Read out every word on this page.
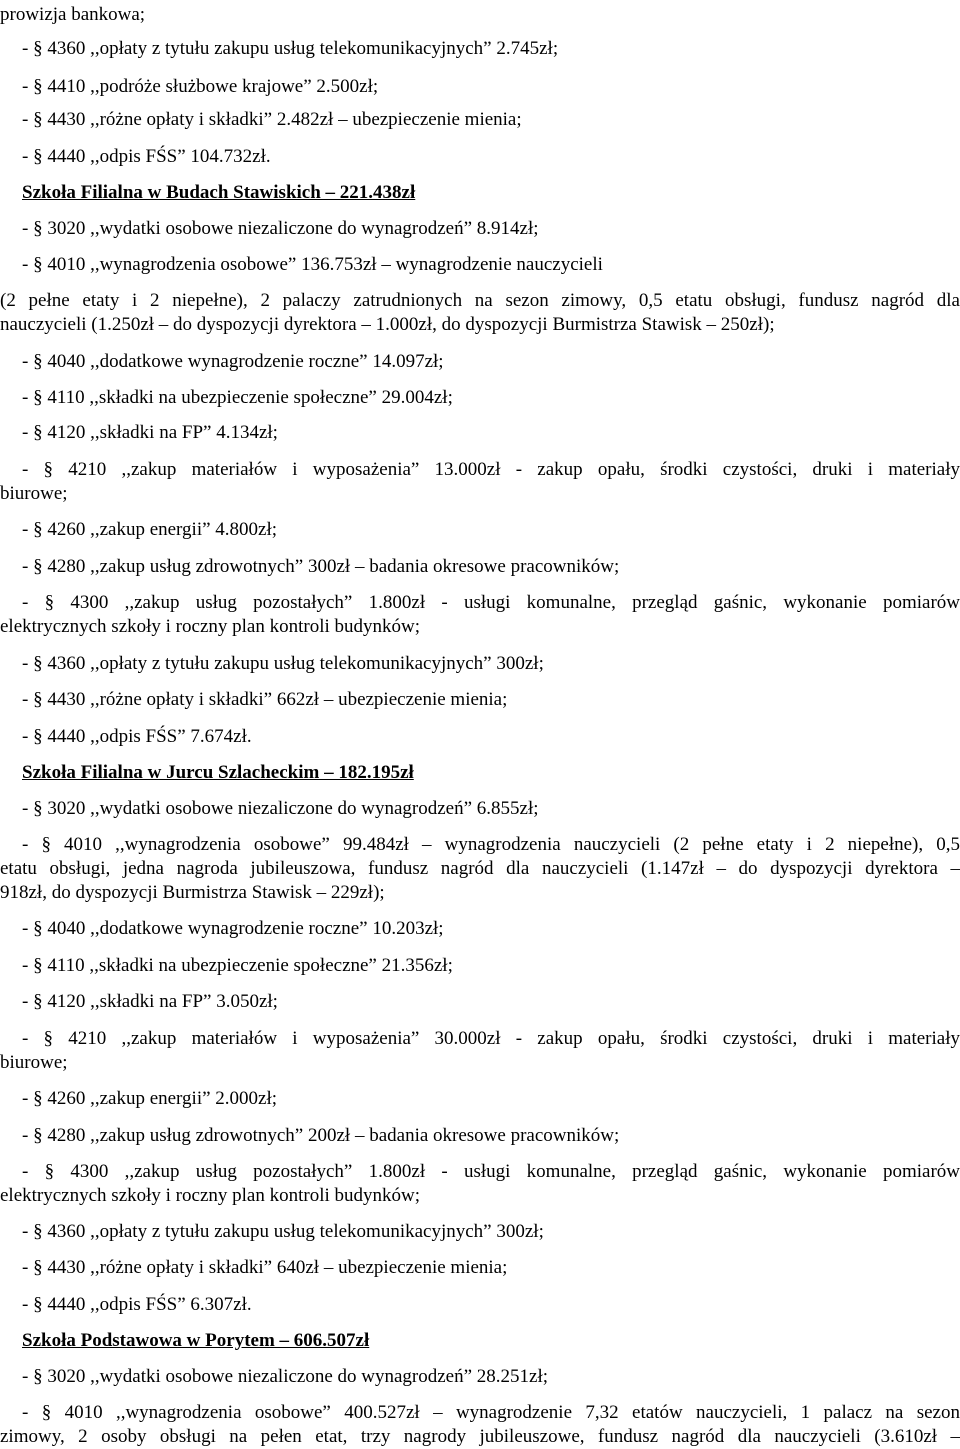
prowizja bankowa;
- § 4360 ,,opłaty z tytułu zakupu usług telekomunikacyjnych” 2.745zł;
- § 4410 ,,podróże służbowe krajowe” 2.500zł;
- § 4430 ,,różne opłaty i składki” 2.482zł – ubezpieczenie mienia;
- § 4440 ,,odpis FŚS” 104.732zł.
Szkoła Filialna w Budach Stawiskich – 221.438zł
- § 3020 ,,wydatki osobowe niezaliczone do wynagrodzeń” 8.914zł;
- § 4010 ,,wynagrodzenia osobowe” 136.753zł – wynagrodzenie nauczycieli
(2 pełne etaty i 2 niepełne), 2 palaczy zatrudnionych na sezon zimowy, 0,5 etatu obsługi, fundusz nagród dla
nauczycieli (1.250zł – do dyspozycji dyrektora – 1.000zł, do dyspozycji Burmistrza Stawisk – 250zł);
- § 4040 ,,dodatkowe wynagrodzenie roczne” 14.097zł;
- § 4110 ,,składki na ubezpieczenie społeczne” 29.004zł;
- § 4120 ,,składki na FP” 4.134zł;
- § 4210 ,,zakup materiałów i wyposażenia” 13.000zł - zakup opału, środki czystości, druki i materiały
biurowe;
- § 4260 ,,zakup energii” 4.800zł;
- § 4280 ,,zakup usług zdrowotnych” 300zł – badania okresowe pracowników;
- § 4300 ,,zakup usług pozostałych” 1.800zł - usługi komunalne, przegląd gaśnic, wykonanie pomiarów
elektrycznych szkoły i roczny plan kontroli budynków;
- § 4360 ,,opłaty z tytułu zakupu usług telekomunikacyjnych” 300zł;
- § 4430 ,,różne opłaty i składki” 662zł – ubezpieczenie mienia;
- § 4440 ,,odpis FŚS” 7.674zł.
Szkoła Filialna w Jurcu Szlacheckim – 182.195zł
- § 3020 ,,wydatki osobowe niezaliczone do wynagrodzeń” 6.855zł;
- § 4010 ,,wynagrodzenia osobowe” 99.484zł – wynagrodzenia nauczycieli (2 pełne etaty i 2 niepełne), 0,5
etatu obsługi, jedna nagroda jubileuszowa, fundusz nagród dla nauczycieli (1.147zł – do dyspozycji dyrektora –
918zł, do dyspozycji Burmistrza Stawisk – 229zł);
- § 4040 ,,dodatkowe wynagrodzenie roczne” 10.203zł;
- § 4110 ,,składki na ubezpieczenie społeczne” 21.356zł;
- § 4120 ,,składki na FP” 3.050zł;
- § 4210 ,,zakup materiałów i wyposażenia” 30.000zł - zakup opału, środki czystości, druki i materiały
biurowe;
- § 4260 ,,zakup energii” 2.000zł;
- § 4280 ,,zakup usług zdrowotnych” 200zł – badania okresowe pracowników;
- § 4300 ,,zakup usług pozostałych” 1.800zł - usługi komunalne, przegląd gaśnic, wykonanie pomiarów
elektrycznych szkoły i roczny plan kontroli budynków;
- § 4360 ,,opłaty z tytułu zakupu usług telekomunikacyjnych” 300zł;
- § 4430 ,,różne opłaty i składki” 640zł – ubezpieczenie mienia;
- § 4440 ,,odpis FŚS” 6.307zł.
Szkoła Podstawowa w Porytem – 606.507zł
- § 3020 ,,wydatki osobowe niezaliczone do wynagrodzeń” 28.251zł;
- § 4010 ,,wynagrodzenia osobowe” 400.527zł – wynagrodzenie 7,32 etatów nauczycieli, 1 palacz na sezon
zimowy, 2 osoby obsługi na pełen etat, trzy nagrody jubileuszowe, fundusz nagród dla nauczycieli (3.610zł –
